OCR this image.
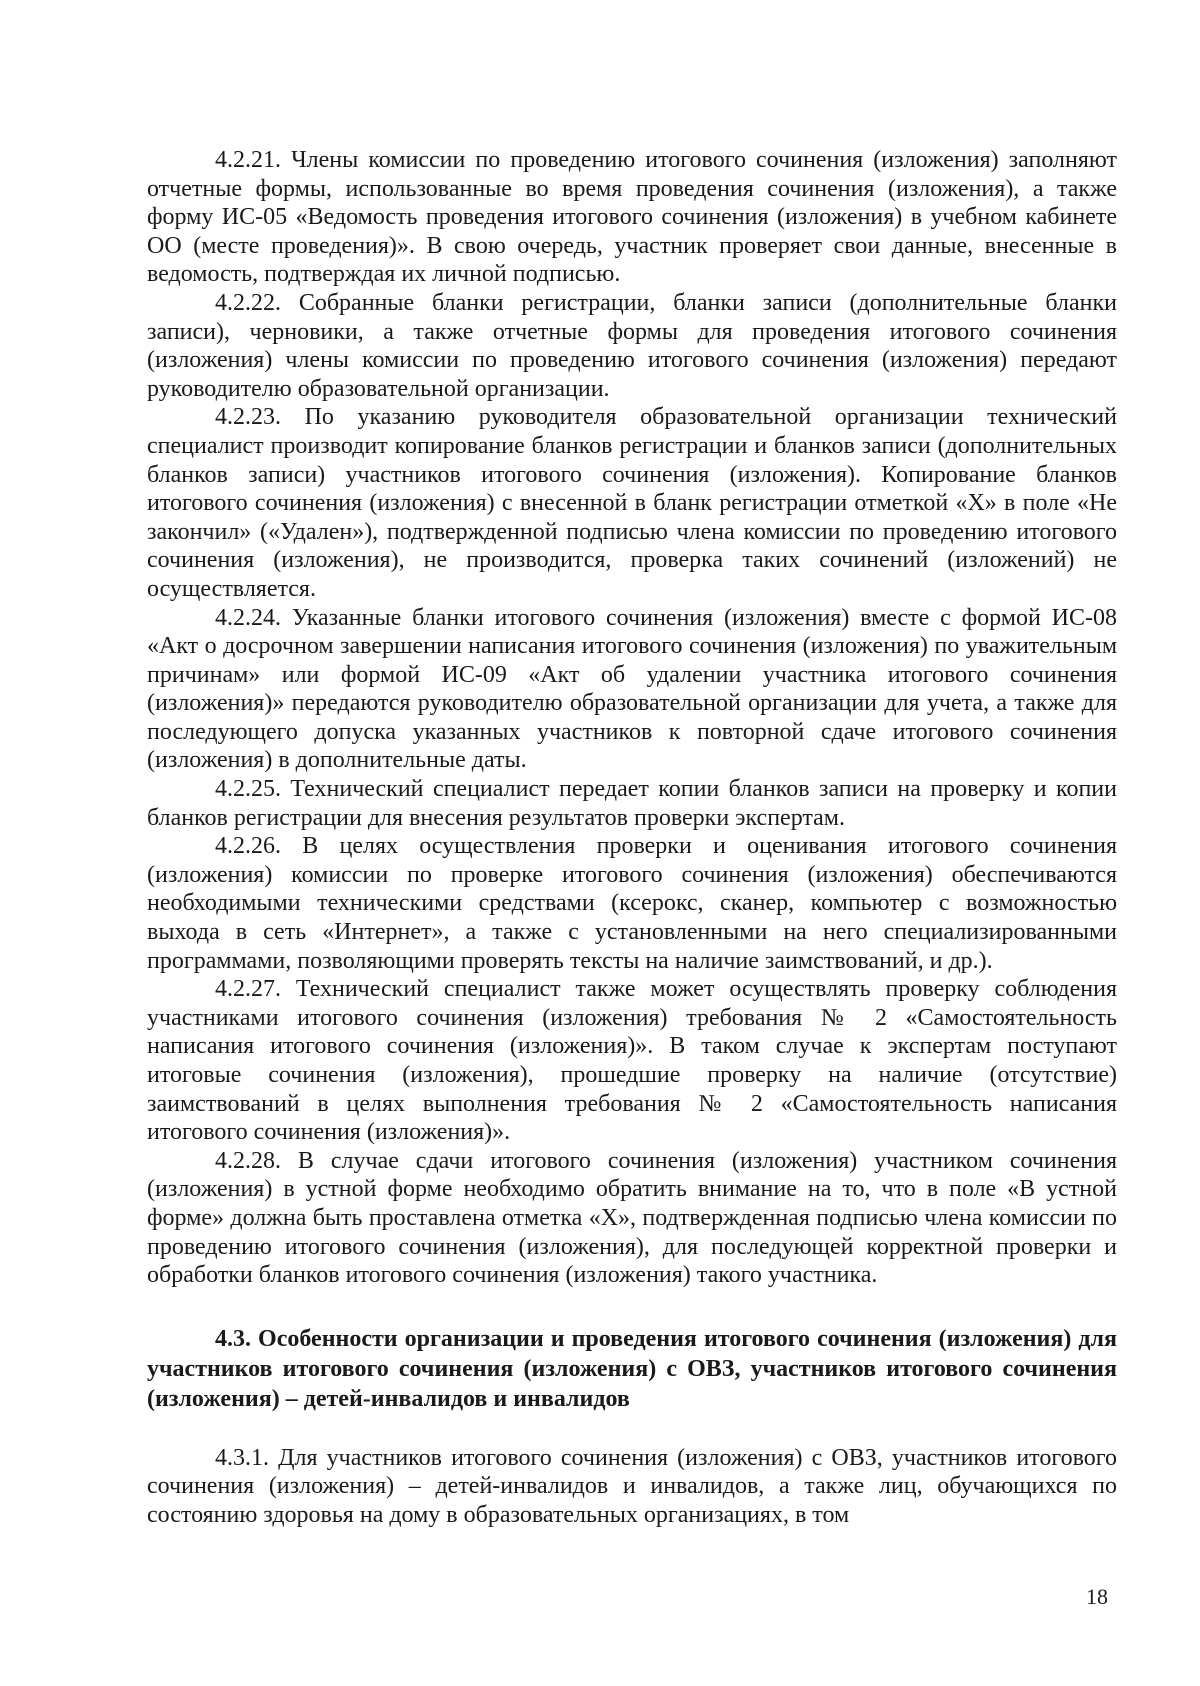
4.2.21. Члены комиссии по проведению итогового сочинения (изложения) заполняют отчетные формы, использованные во время проведения сочинения (изложения), а также форму ИС-05 «Ведомость проведения итогового сочинения (изложения) в учебном кабинете ОО (месте проведения)». В свою очередь, участник проверяет свои данные, внесенные в ведомость, подтверждая их личной подписью.

4.2.22. Собранные бланки регистрации, бланки записи (дополнительные бланки записи), черновики, а также отчетные формы для проведения итогового сочинения (изложения) члены комиссии по проведению итогового сочинения (изложения) передают руководителю образовательной организации.

4.2.23. По указанию руководителя образовательной организации технический специалист производит копирование бланков регистрации и бланков записи (дополнительных бланков записи) участников итогового сочинения (изложения). Копирование бланков итогового сочинения (изложения) с внесенной в бланк регистрации отметкой «X» в поле «Не закончил» («Удален»), подтвержденной подписью члена комиссии по проведению итогового сочинения (изложения), не производится, проверка таких сочинений (изложений) не осуществляется.

4.2.24. Указанные бланки итогового сочинения (изложения) вместе с формой ИС-08 «Акт о досрочном завершении написания итогового сочинения (изложения) по уважительным причинам» или формой ИС-09 «Акт об удалении участника итогового сочинения (изложения)» передаются руководителю образовательной организации для учета, а также для последующего допуска указанных участников к повторной сдаче итогового сочинения (изложения) в дополнительные даты.

4.2.25. Технический специалист передает копии бланков записи на проверку и копии бланков регистрации для внесения результатов проверки экспертам.

4.2.26. В целях осуществления проверки и оценивания итогового сочинения (изложения) комиссии по проверке итогового сочинения (изложения) обеспечиваются необходимыми техническими средствами (ксерокс, сканер, компьютер с возможностью выхода в сеть «Интернет», а также с установленными на него специализированными программами, позволяющими проверять тексты на наличие заимствований, и др.).

4.2.27. Технический специалист также может осуществлять проверку соблюдения участниками итогового сочинения (изложения) требования № 2 «Самостоятельность написания итогового сочинения (изложения)». В таком случае к экспертам поступают итоговые сочинения (изложения), прошедшие проверку на наличие (отсутствие) заимствований в целях выполнения требования № 2 «Самостоятельность написания итогового сочинения (изложения)».

4.2.28. В случае сдачи итогового сочинения (изложения) участником сочинения (изложения) в устной форме необходимо обратить внимание на то, что в поле «В устной форме» должна быть проставлена отметка «X», подтвержденная подписью члена комиссии по проведению итогового сочинения (изложения), для последующей корректной проверки и обработки бланков итогового сочинения (изложения) такого участника.

4.3. Особенности организации и проведения итогового сочинения (изложения) для участников итогового сочинения (изложения) с ОВЗ, участников итогового сочинения (изложения) – детей-инвалидов и инвалидов

4.3.1. Для участников итогового сочинения (изложения) с ОВЗ, участников итогового сочинения (изложения) – детей-инвалидов и инвалидов, а также лиц, обучающихся по состоянию здоровья на дому в образовательных организациях, в том

18
